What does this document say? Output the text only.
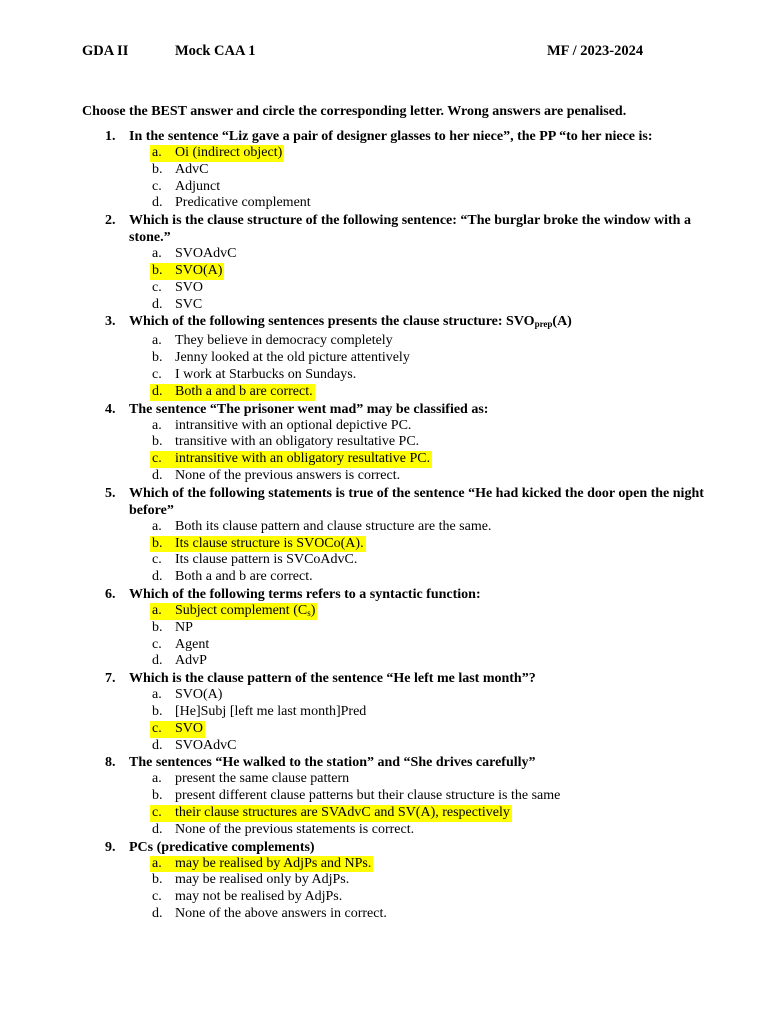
GDA II	Mock CAA 1	MF / 2023-2024
Choose the BEST answer and circle the corresponding letter. Wrong answers are penalised.
1. In the sentence “Liz gave a pair of designer glasses to her niece”, the PP “to her niece is:
a. Oi (indirect object)
b. AdvC
c. Adjunct
d. Predicative complement
2. Which is the clause structure of the following sentence: “The burglar broke the window with a stone.”
a. SVOAdvC
b. SVO(A)
c. SVO
d. SVC
3. Which of the following sentences presents the clause structure: $SVO_{prep}(A)$
a. They believe in democracy completely
b. Jenny looked at the old picture attentively
c. I work at Starbucks on Sundays.
d. Both a and b are correct.
4. The sentence “The prisoner went mad” may be classified as:
a. intransitive with an optional depictive PC.
b. transitive with an obligatory resultative PC.
c. intransitive with an obligatory resultative PC.
d. None of the previous answers is correct.
5. Which of the following statements is true of the sentence “He had kicked the door open the night before”
a. Both its clause pattern and clause structure are the same.
b. Its clause structure is SVOCo(A).
c. Its clause pattern is SVCoAdvC.
d. Both a and b are correct.
6. Which of the following terms refers to a syntactic function:
a. Subject complement $(C_s)$
b. NP
c. Agent
d. AdvP
7. Which is the clause pattern of the sentence “He left me last month”?
a. SVO(A)
b. [He]Subj [left me last month]Pred
c. SVO
d. SVOAdvC
8. The sentences “He walked to the station” and “She drives carefully”
a. present the same clause pattern
b. present different clause patterns but their clause structure is the same
c. their clause structures are SVAdvC and SV(A), respectively
d. None of the previous statements is correct.
9. PCs (predicative complements)
a. may be realised by AdjPs and NPs.
b. may be realised only by AdjPs.
c. may not be realised by AdjPs.
d. None of the above answers in correct.
